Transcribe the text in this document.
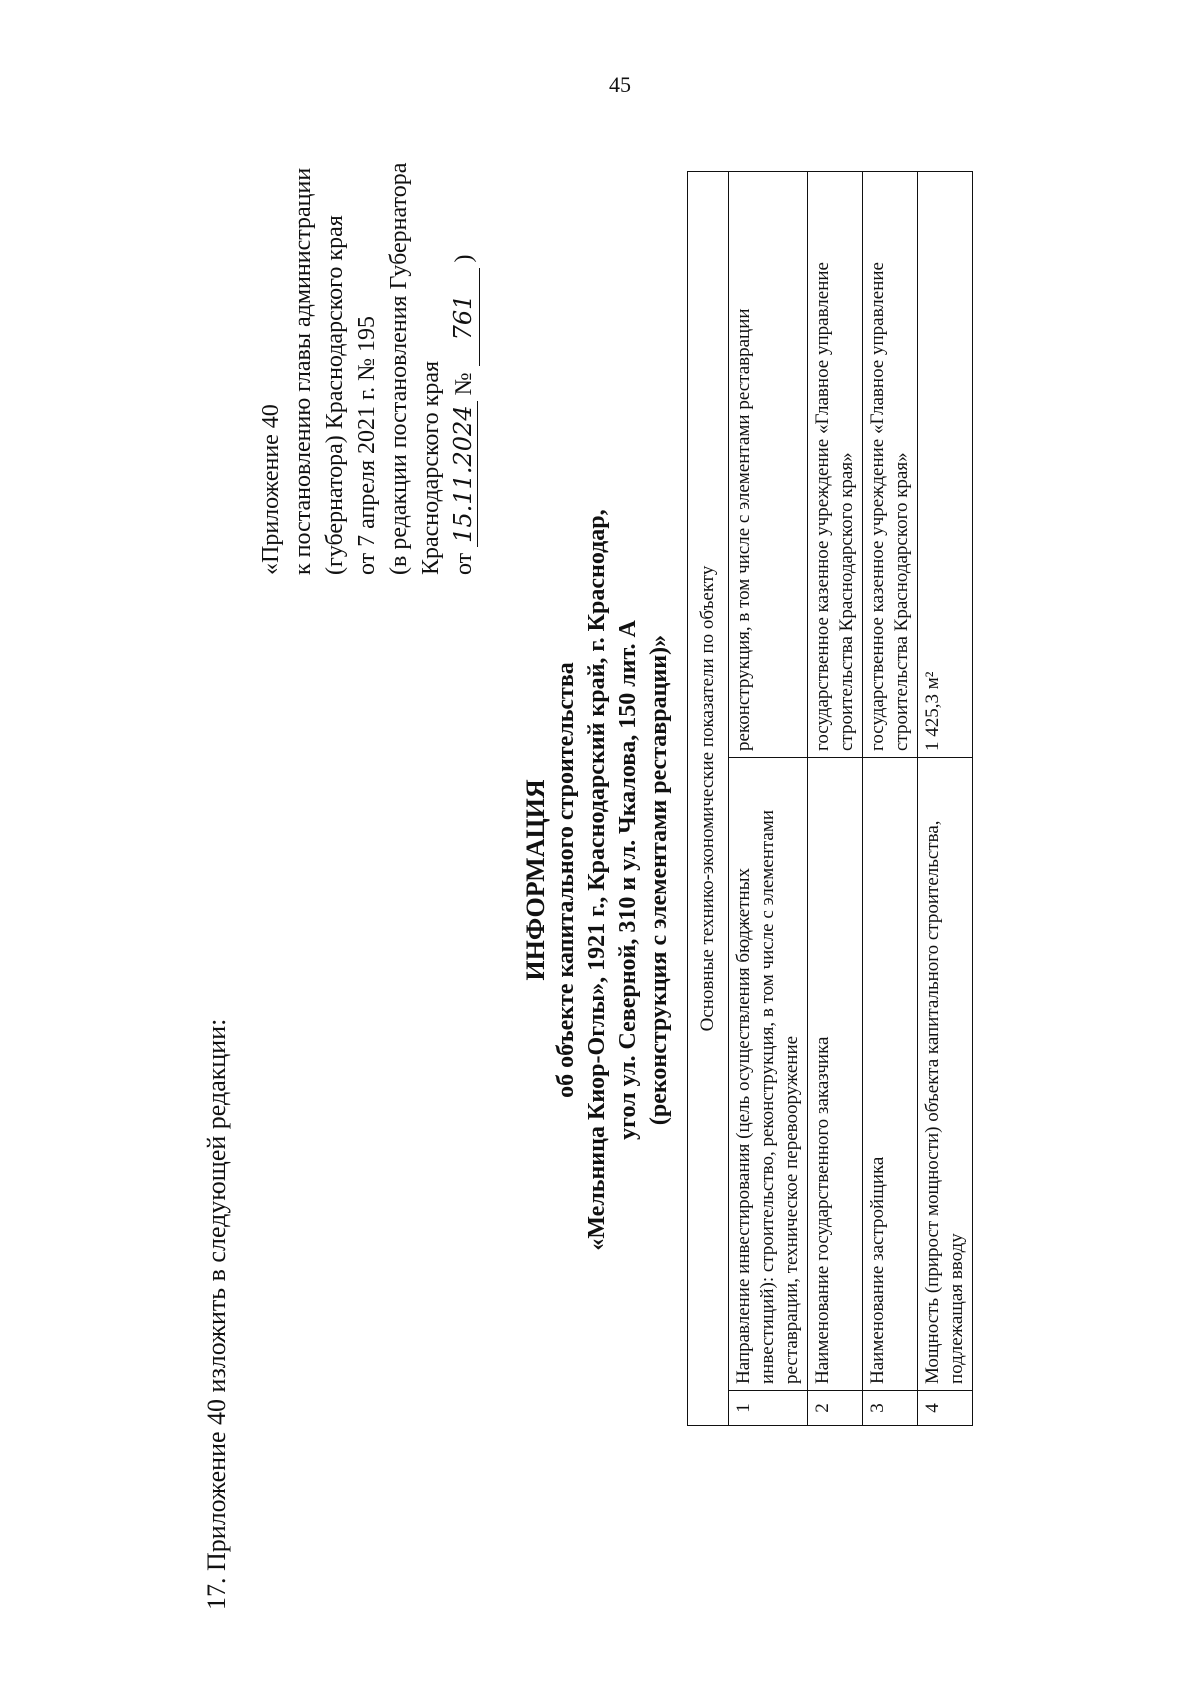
45
17. Приложение 40 изложить в следующей редакции:
«Приложение 40 к постановлению главы администрации (губернатора) Краснодарского края от 7 апреля 2021 г. № 195 (в редакции постановления Губернатора Краснодарского края от 15.11.2024 № 761 )
ИНФОРМАЦИЯ об объекте капитального строительства «Мельница Киор-Оглы», 1921 г., Краснодарский край, г. Краснодар, угол ул. Северной, 310 и ул. Чкалова, 150 лит. А (реконструкция с элементами реставрации)» Основные технико-экономические показатели по объекту		
1	Направление инвестирования (цель осуществления бюджетных инвестиций): строительство, реконструкция, в том числе с элементами реставрации, техническое перевооружение	реконструкция, в том числе с элементами реставрации
2	Наименование государственного заказчика	государственное казенное учреждение «Главное управление строительства Краснодарского края»
3	Наименование застройщика	государственное казенное учреждение «Главное управление строительства Краснодарского края»
4	Мощность (прирост мощности) объекта капитального строительства, подлежащая вводу	1 425,3 м²
